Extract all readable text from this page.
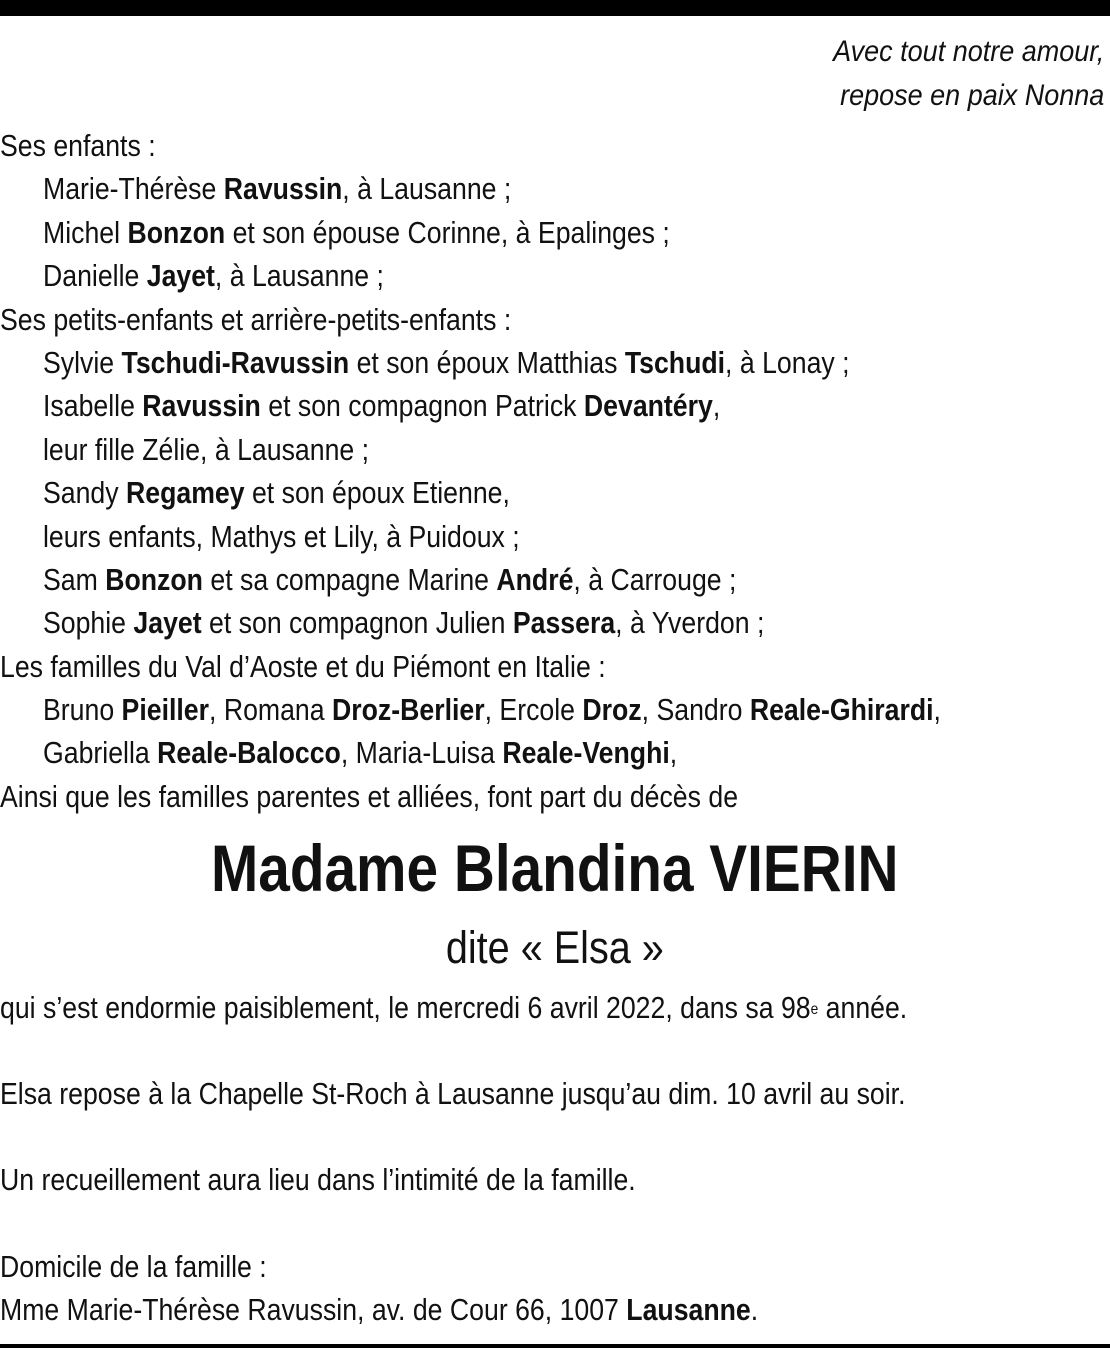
Avec tout notre amour,
repose en paix Nonna
Ses enfants :
Marie-Thérèse Ravussin, à Lausanne ;
Michel Bonzon et son épouse Corinne, à Epalinges ;
Danielle Jayet, à Lausanne ;
Ses petits-enfants et arrière-petits-enfants :
Sylvie Tschudi-Ravussin et son époux Matthias Tschudi, à Lonay ;
Isabelle Ravussin et son compagnon Patrick Devantéry,
leur fille Zélie, à Lausanne ;
Sandy Regamey et son époux Etienne,
leurs enfants, Mathys et Lily, à Puidoux ;
Sam Bonzon et sa compagne Marine André, à Carrouge ;
Sophie Jayet et son compagnon Julien Passera, à Yverdon ;
Les familles du Val d’Aoste et du Piémont en Italie :
Bruno Pieiller, Romana Droz-Berlier, Ercole Droz, Sandro Reale-Ghirardi,
Gabriella Reale-Balocco, Maria-Luisa Reale-Venghi,
Ainsi que les familles parentes et alliées, font part du décès de
Madame Blandina VIERIN
dite « Elsa »
qui s’est endormie paisiblement, le mercredi 6 avril 2022, dans sa 98e année.
Elsa repose à la Chapelle St-Roch à Lausanne jusqu’au dim. 10 avril au soir.
Un recueillement aura lieu dans l’intimité de la famille.
Domicile de la famille :
Mme Marie-Thérèse Ravussin, av. de Cour 66, 1007 Lausanne.
